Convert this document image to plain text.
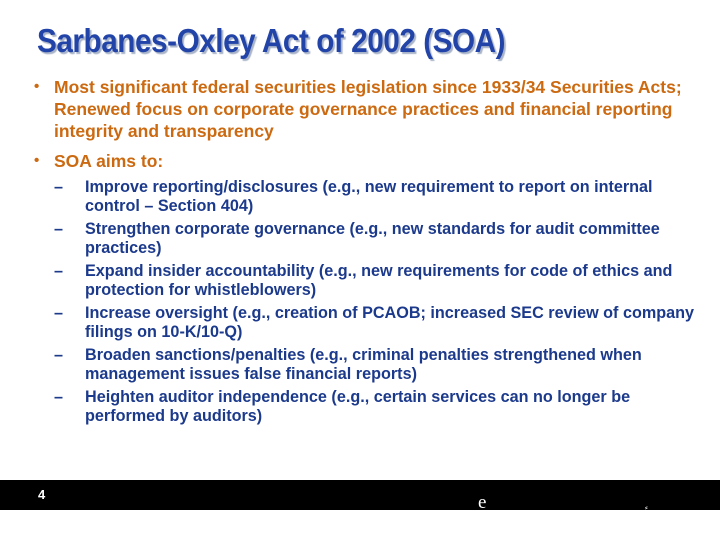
Sarbanes-Oxley Act of 2002 (SOA)
• Most significant federal securities legislation since 1933/34 Securities Acts; Renewed focus on corporate governance practices and financial reporting integrity and transparency
• SOA aims to:
–	Improve reporting/disclosures (e.g., new requirement to report on internal control – Section 404)
–	Strengthen corporate governance (e.g., new standards for audit committee practices)
–	Expand insider accountability (e.g., new requirements for code of ethics and protection for whistleblowers)
–	Increase oversight (e.g., creation of PCAOB; increased SEC review of company filings on 10-K/10-Q)
–	Broaden sanctions/penalties (e.g., criminal penalties strengthened when management issues false financial reports)
–	Heighten auditor independence (e.g., certain services can no longer be performed by auditors)
4	e	⸗
